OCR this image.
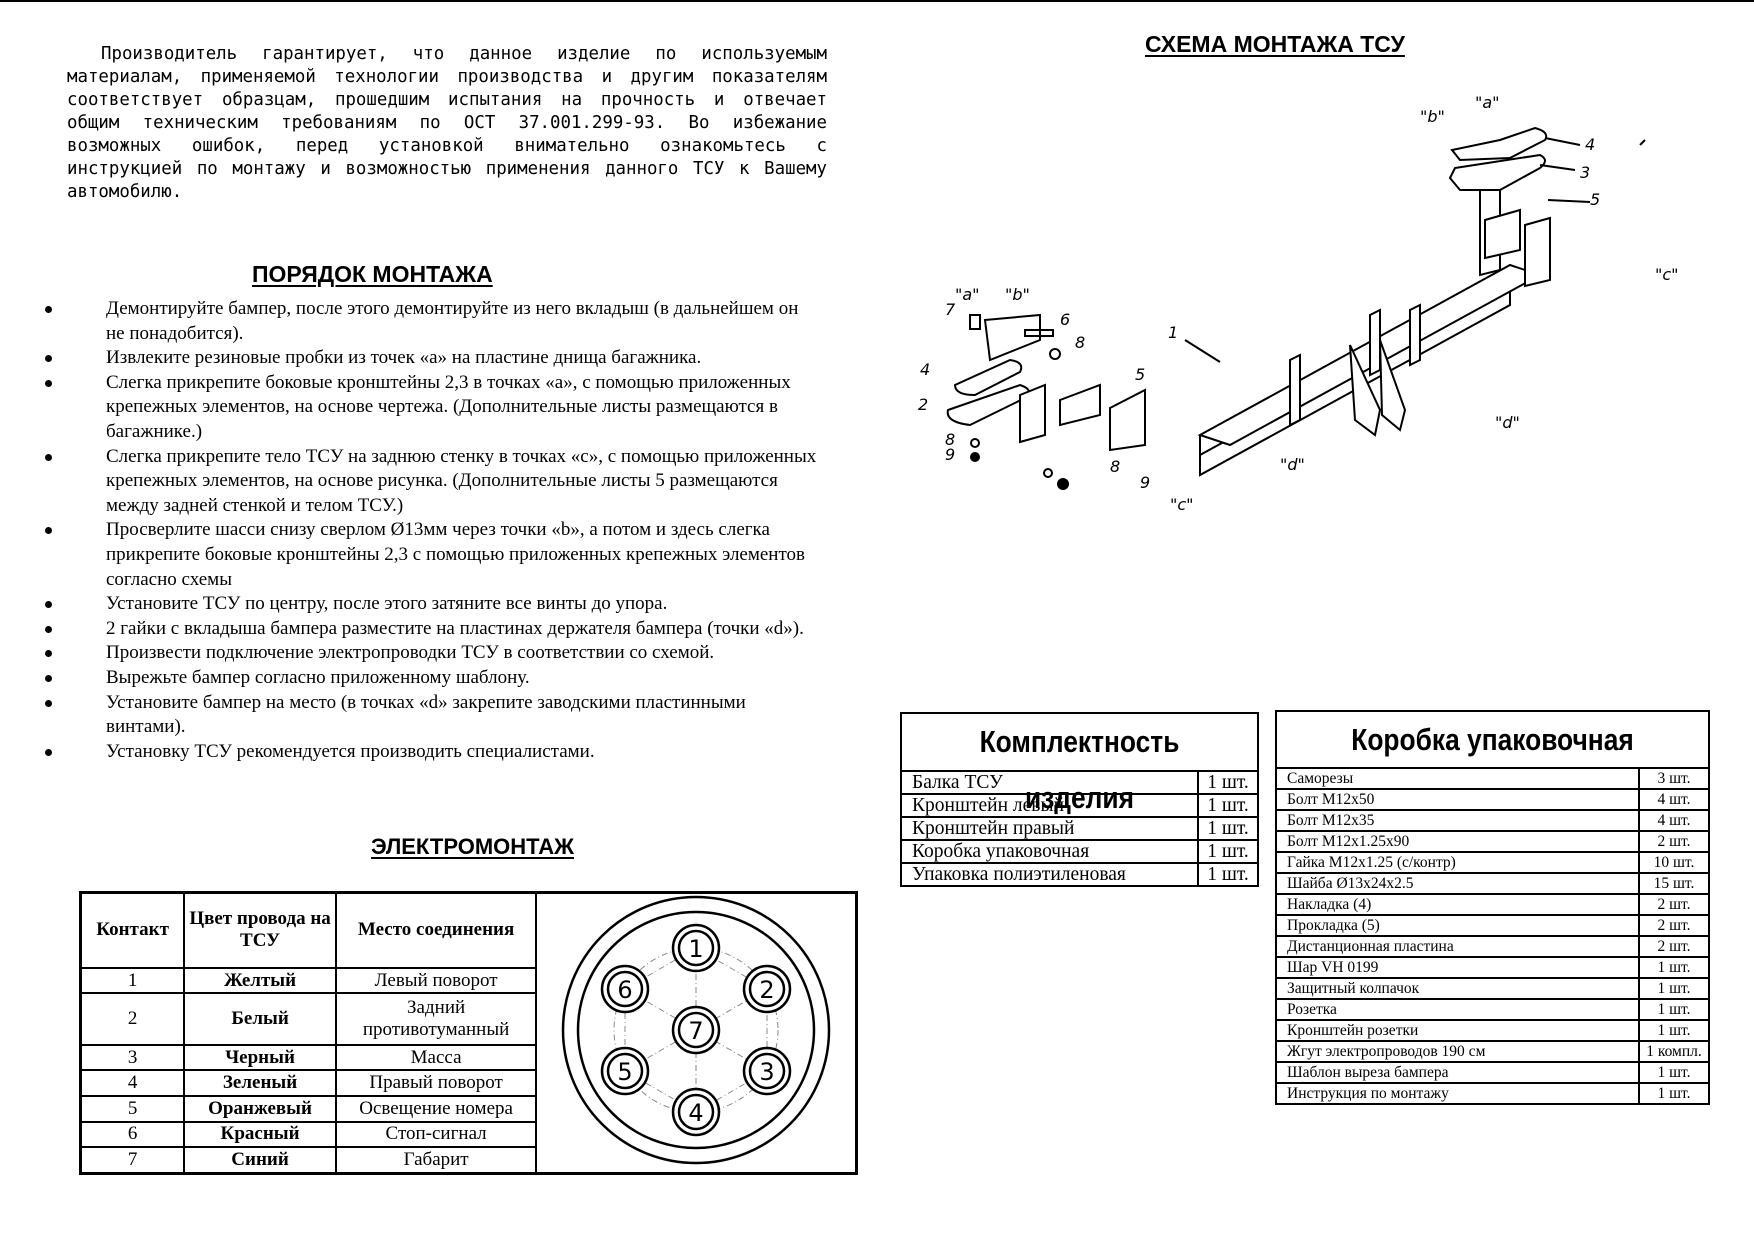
Производитель гарантирует, что данное изделие по используемым материалам, применяемой технологии производства и другим показателям соответствует образцам, прошедшим испытания на прочность и отвечает общим техническим требованиям по ОСТ 37.001.299-93. Во избежание возможных ошибок, перед установкой внимательно ознакомьтесь с инструкцией по монтажу и возможностью применения данного ТСУ к Вашему автомобилю.

ПОРЯДОК МОНТАЖА
Демонтируйте бампер, после этого демонтируйте из него вкладыш (в дальнейшем он не понадобится).
Извлеките резиновые пробки из точек «а» на пластине днища багажника.
Слегка прикрепите боковые кронштейны 2,3 в точках «а», с помощью приложенных крепежных элементов, на основе чертежа. (Дополнительные листы размещаются в багажнике.)
Слегка прикрепите тело ТСУ на заднюю стенку в точках «с», с помощью приложенных крепежных элементов, на основе рисунка. (Дополнительные листы 5 размещаются между задней стенкой и телом ТСУ.)
Просверлите шасси снизу сверлом Ø13мм через точки «b», а потом и здесь слегка прикрепите боковые кронштейны 2,3 с помощью приложенных крепежных элементов согласно схемы
Установите ТСУ по центру, после этого затяните все винты до упора.
2 гайки с вкладыша бампера разместите на пластинах держателя бампера (точки «d»).
Произвести подключение электропроводки ТСУ в соответствии со схемой.
Вырежьте бампер согласно приложенному шаблону.
Установите бампер на место (в точках «d» закрепите заводскими пластинными винтами).
Установку ТСУ рекомендуется производить специалистами.
ЭЛЕКТРОМОНТАЖ
Контакт	Цвет провода на ТСУ	Место соединения	
1
2
3
4
5
6
7

1	Желтый	Левый поворот	
2	Белый	Задний противотуманный	
3	Черный	Масса	
4	Зеленый	Правый поворот	
5	Оранжевый	Освещение номера	
6	Красный	Стоп-сигнал	
7	Синий	Габарит	
СХЕМА МОНТАЖА ТСУ
1
2
3
4
4
5
5
6
7
8
8
8
9
9
"a"
"a"
"b"
"b"
"c"
"c"
"d"
"d"
Комплектность изделия	

Балка ТСУ	1 шт.
Кронштейн левый	1 шт.
Кронштейн правый	1 шт.
Коробка упаковочная	1 шт.
Упаковка полиэтиленовая	1 шт.
Коробка упаковочная	

Саморезы	3 шт.
Болт М12х50	4 шт.
Болт М12х35	4 шт.
Болт М12х1.25х90	2 шт.
Гайка М12х1.25 (с/контр)	10 шт.
Шайба Ø13х24х2.5	15 шт.
Накладка (4)	2 шт.
Прокладка (5)	2 шт.
Дистанционная пластина	2 шт.
Шар VH 0199	1 шт.
Защитный колпачок	1 шт.
Розетка	1 шт.
Кронштейн розетки	1 шт.
Жгут электропроводов 190 см	1 компл.
Шаблон выреза бампера	1 шт.
Инструкция по монтажу	1 шт.
